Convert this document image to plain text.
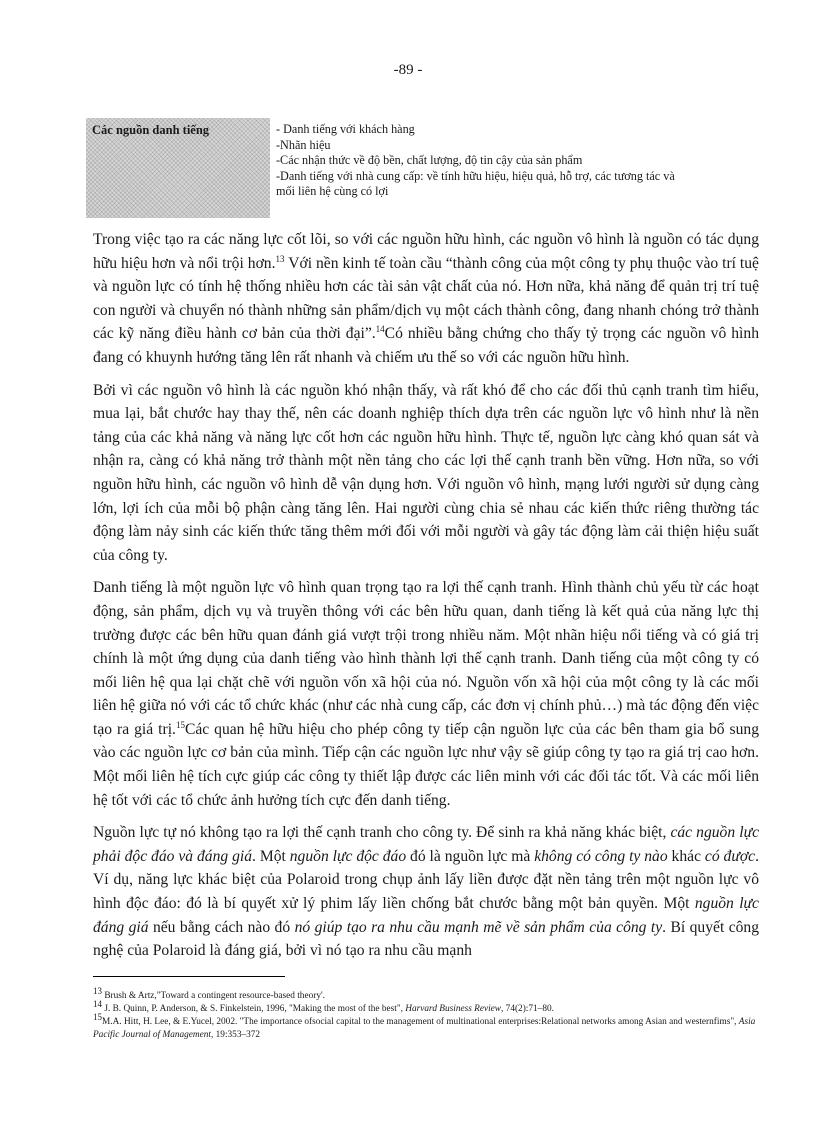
-89 -
Các nguồn danh tiếng	- Danh tiếng với khách hàng
-Nhãn hiệu
-Các nhận thức về độ bền, chất lượng, độ tin cậy của sản phẩm
-Danh tiếng với nhà cung cấp: về tính hữu hiệu, hiệu quả, hỗ trợ, các tương tác và
mối liên hệ cùng có lợi

Trong việc tạo ra các năng lực cốt lõi, so với các nguồn hữu hình, các nguồn vô hình là nguồn có tác dụng hữu hiệu hơn và nổi trội hơn.$^{13}$ Với nền kinh tế toàn cầu “thành công của một công ty phụ thuộc vào trí tuệ và nguồn lực có tính hệ thống nhiều hơn các tài sản vật chất của nó. Hơn nữa, khả năng để quản trị trí tuệ con người và chuyển nó thành những sản phẩm/dịch vụ một cách thành công, đang nhanh chóng trở thành các kỹ năng điều hành cơ bản của thời đại”.$^{14}$Có nhiều bằng chứng cho thấy tỷ trọng các nguồn vô hình đang có khuynh hướng tăng lên rất nhanh và chiếm ưu thế so với các nguồn hữu hình.

Bởi vì các nguồn vô hình là các nguồn khó nhận thấy, và rất khó để cho các đối thủ cạnh tranh tìm hiểu, mua lại, bắt chước hay thay thế, nên các doanh nghiệp thích dựa trên các nguồn lực vô hình như là nền tảng của các khả năng và năng lực cốt hơn các nguồn hữu hình. Thực tế, nguồn lực càng khó quan sát và nhận ra, càng có khả năng trở thành một nền tảng cho các lợi thế cạnh tranh bền vững. Hơn nữa, so với nguồn hữu hình, các nguồn vô hình dễ vận dụng hơn. Với nguồn vô hình, mạng lưới người sử dụng càng lớn, lợi ích của mỗi bộ phận càng tăng lên. Hai người cùng chia sẻ nhau các kiến thức riêng thường tác động làm nảy sinh các kiến thức tăng thêm mới đối với mỗi người và gây tác động làm cải thiện hiệu suất của công ty.

Danh tiếng là một nguồn lực vô hình quan trọng tạo ra lợi thế cạnh tranh. Hình thành chủ yếu từ các hoạt động, sản phẩm, dịch vụ và truyền thông với các bên hữu quan, danh tiếng là kết quả của năng lực thị trường được các bên hữu quan đánh giá vượt trội trong nhiều năm. Một nhãn hiệu nổi tiếng và có giá trị chính là một ứng dụng của danh tiếng vào hình thành lợi thế cạnh tranh. Danh tiếng của một công ty có mối liên hệ qua lại chặt chẽ với nguồn vốn xã hội của nó. Nguồn vốn xã hội của một công ty là các mối liên hệ giữa nó với các tổ chức khác (như các nhà cung cấp, các đơn vị chính phủ…) mà tác động đến việc tạo ra giá trị.$^{15}$Các quan hệ hữu hiệu cho phép công ty tiếp cận nguồn lực của các bên tham gia bổ sung vào các nguồn lực cơ bản của mình. Tiếp cận các nguồn lực như vậy sẽ giúp công ty tạo ra giá trị cao hơn. Một mối liên hệ tích cực giúp các công ty thiết lập được các liên minh với các đối tác tốt. Và các mối liên hệ tốt với các tổ chức ảnh hưởng tích cực đến danh tiếng.

Nguồn lực tự nó không tạo ra lợi thế cạnh tranh cho công ty. Để sinh ra khả năng khác biệt, các nguồn lực phải độc đáo và đáng giá. Một nguồn lực độc đáo đó là nguồn lực mà không có công ty nào khác có được. Ví dụ, năng lực khác biệt của Polaroid trong chụp ảnh lấy liền được đặt nền tảng trên một nguồn lực vô hình độc đáo: đó là bí quyết xử lý phim lấy liền chống bắt chước bằng một bản quyền. Một nguồn lực đáng giá nếu bằng cách nào đó nó giúp tạo ra nhu cầu mạnh mẽ về sản phẩm của công ty. Bí quyết công nghệ của Polaroid là đáng giá, bởi vì nó tạo ra nhu cầu mạnh

$^{13}$ Brush & Artz,"Toward a contingent resource-based theory'.
$^{14}$ J. B. Quinn, P. Anderson, & S. Finkelstein, 1996, "Making the most of the best", Harvard Business Review, 74(2):71–80.
$^{15}$M.A. Hitt, H. Lee, & E.Yucel, 2002. "The importance ofsocial capital to the management of multinational enterprises:Relational networks among Asian and westernfims", Asia Pacific Journal of Management, 19:353–372
